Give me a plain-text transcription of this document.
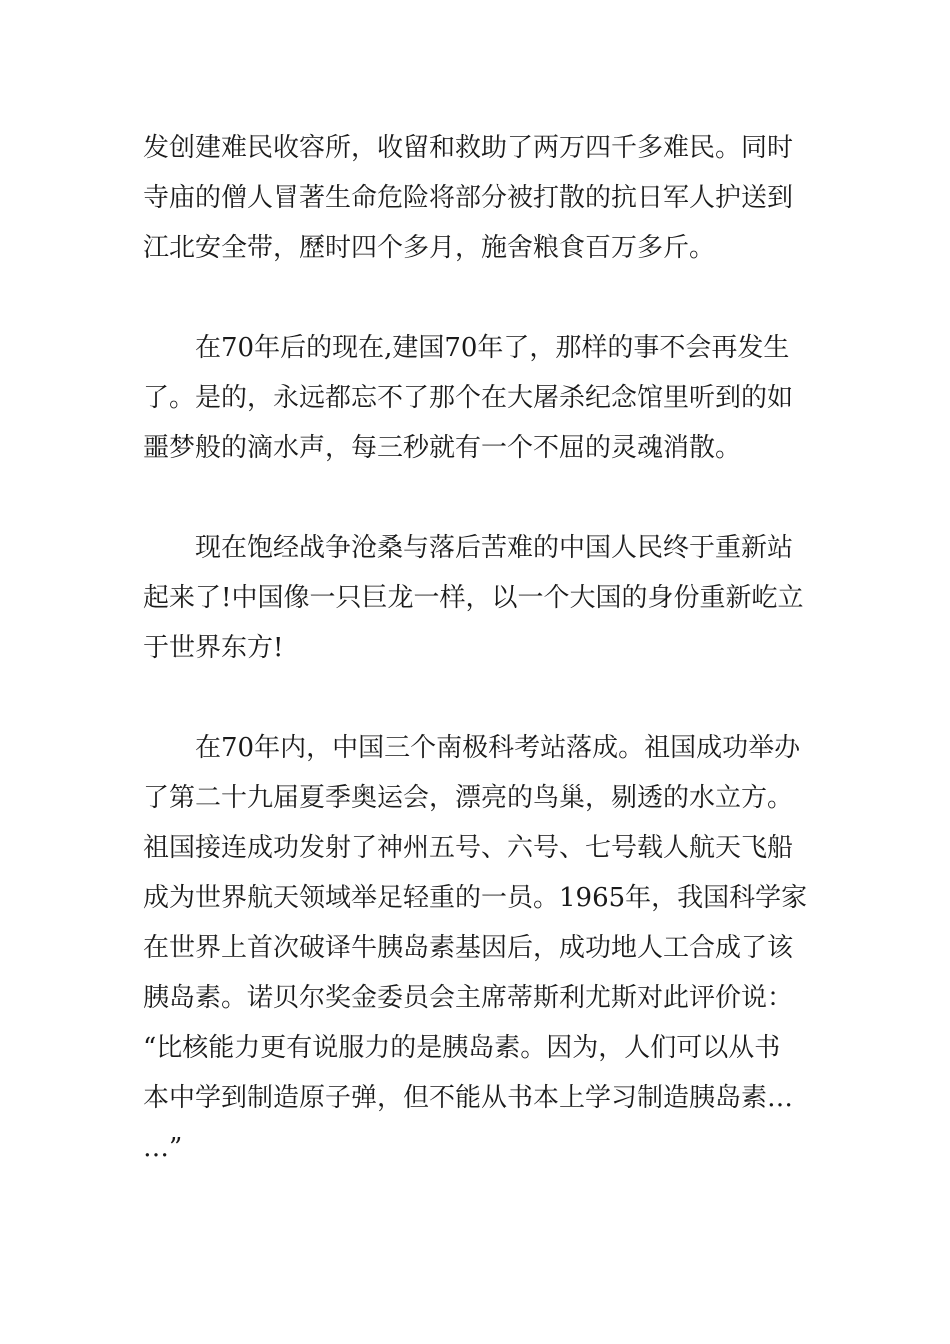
发创建难民收容所，收留和救助了两万四千多难民。同时
寺庙的僧人冒著生命危险将部分被打散的抗日军人护送到
江北安全带，歷时四个多月，施舍粮食百万多斤。
　　在70年后的现在,建国70年了，那样的事不会再发生
了。是的，永远都忘不了那个在大屠杀纪念馆里听到的如
噩梦般的滴水声，每三秒就有一个不屈的灵魂消散。
　　现在饱经战争沧桑与落后苦难的中国人民终于重新站
起来了!中国像一只巨龙一样，以一个大国的身份重新屹立
于世界东方!
　　在70年内，中国三个南极科考站落成。祖国成功举办
了第二十九届夏季奥运会，漂亮的鸟巢，剔透的水立方。
祖国接连成功发射了神州五号、六号、七号载人航天飞船
成为世界航天领域举足轻重的一员。1965年，我国科学家
在世界上首次破译牛胰岛素基因后，成功地人工合成了该
胰岛素。诺贝尔奖金委员会主席蒂斯利尤斯对此评价说：
“比核能力更有说服力的是胰岛素。因为，人们可以从书
本中学到制造原子弹，但不能从书本上学习制造胰岛素…
…”
